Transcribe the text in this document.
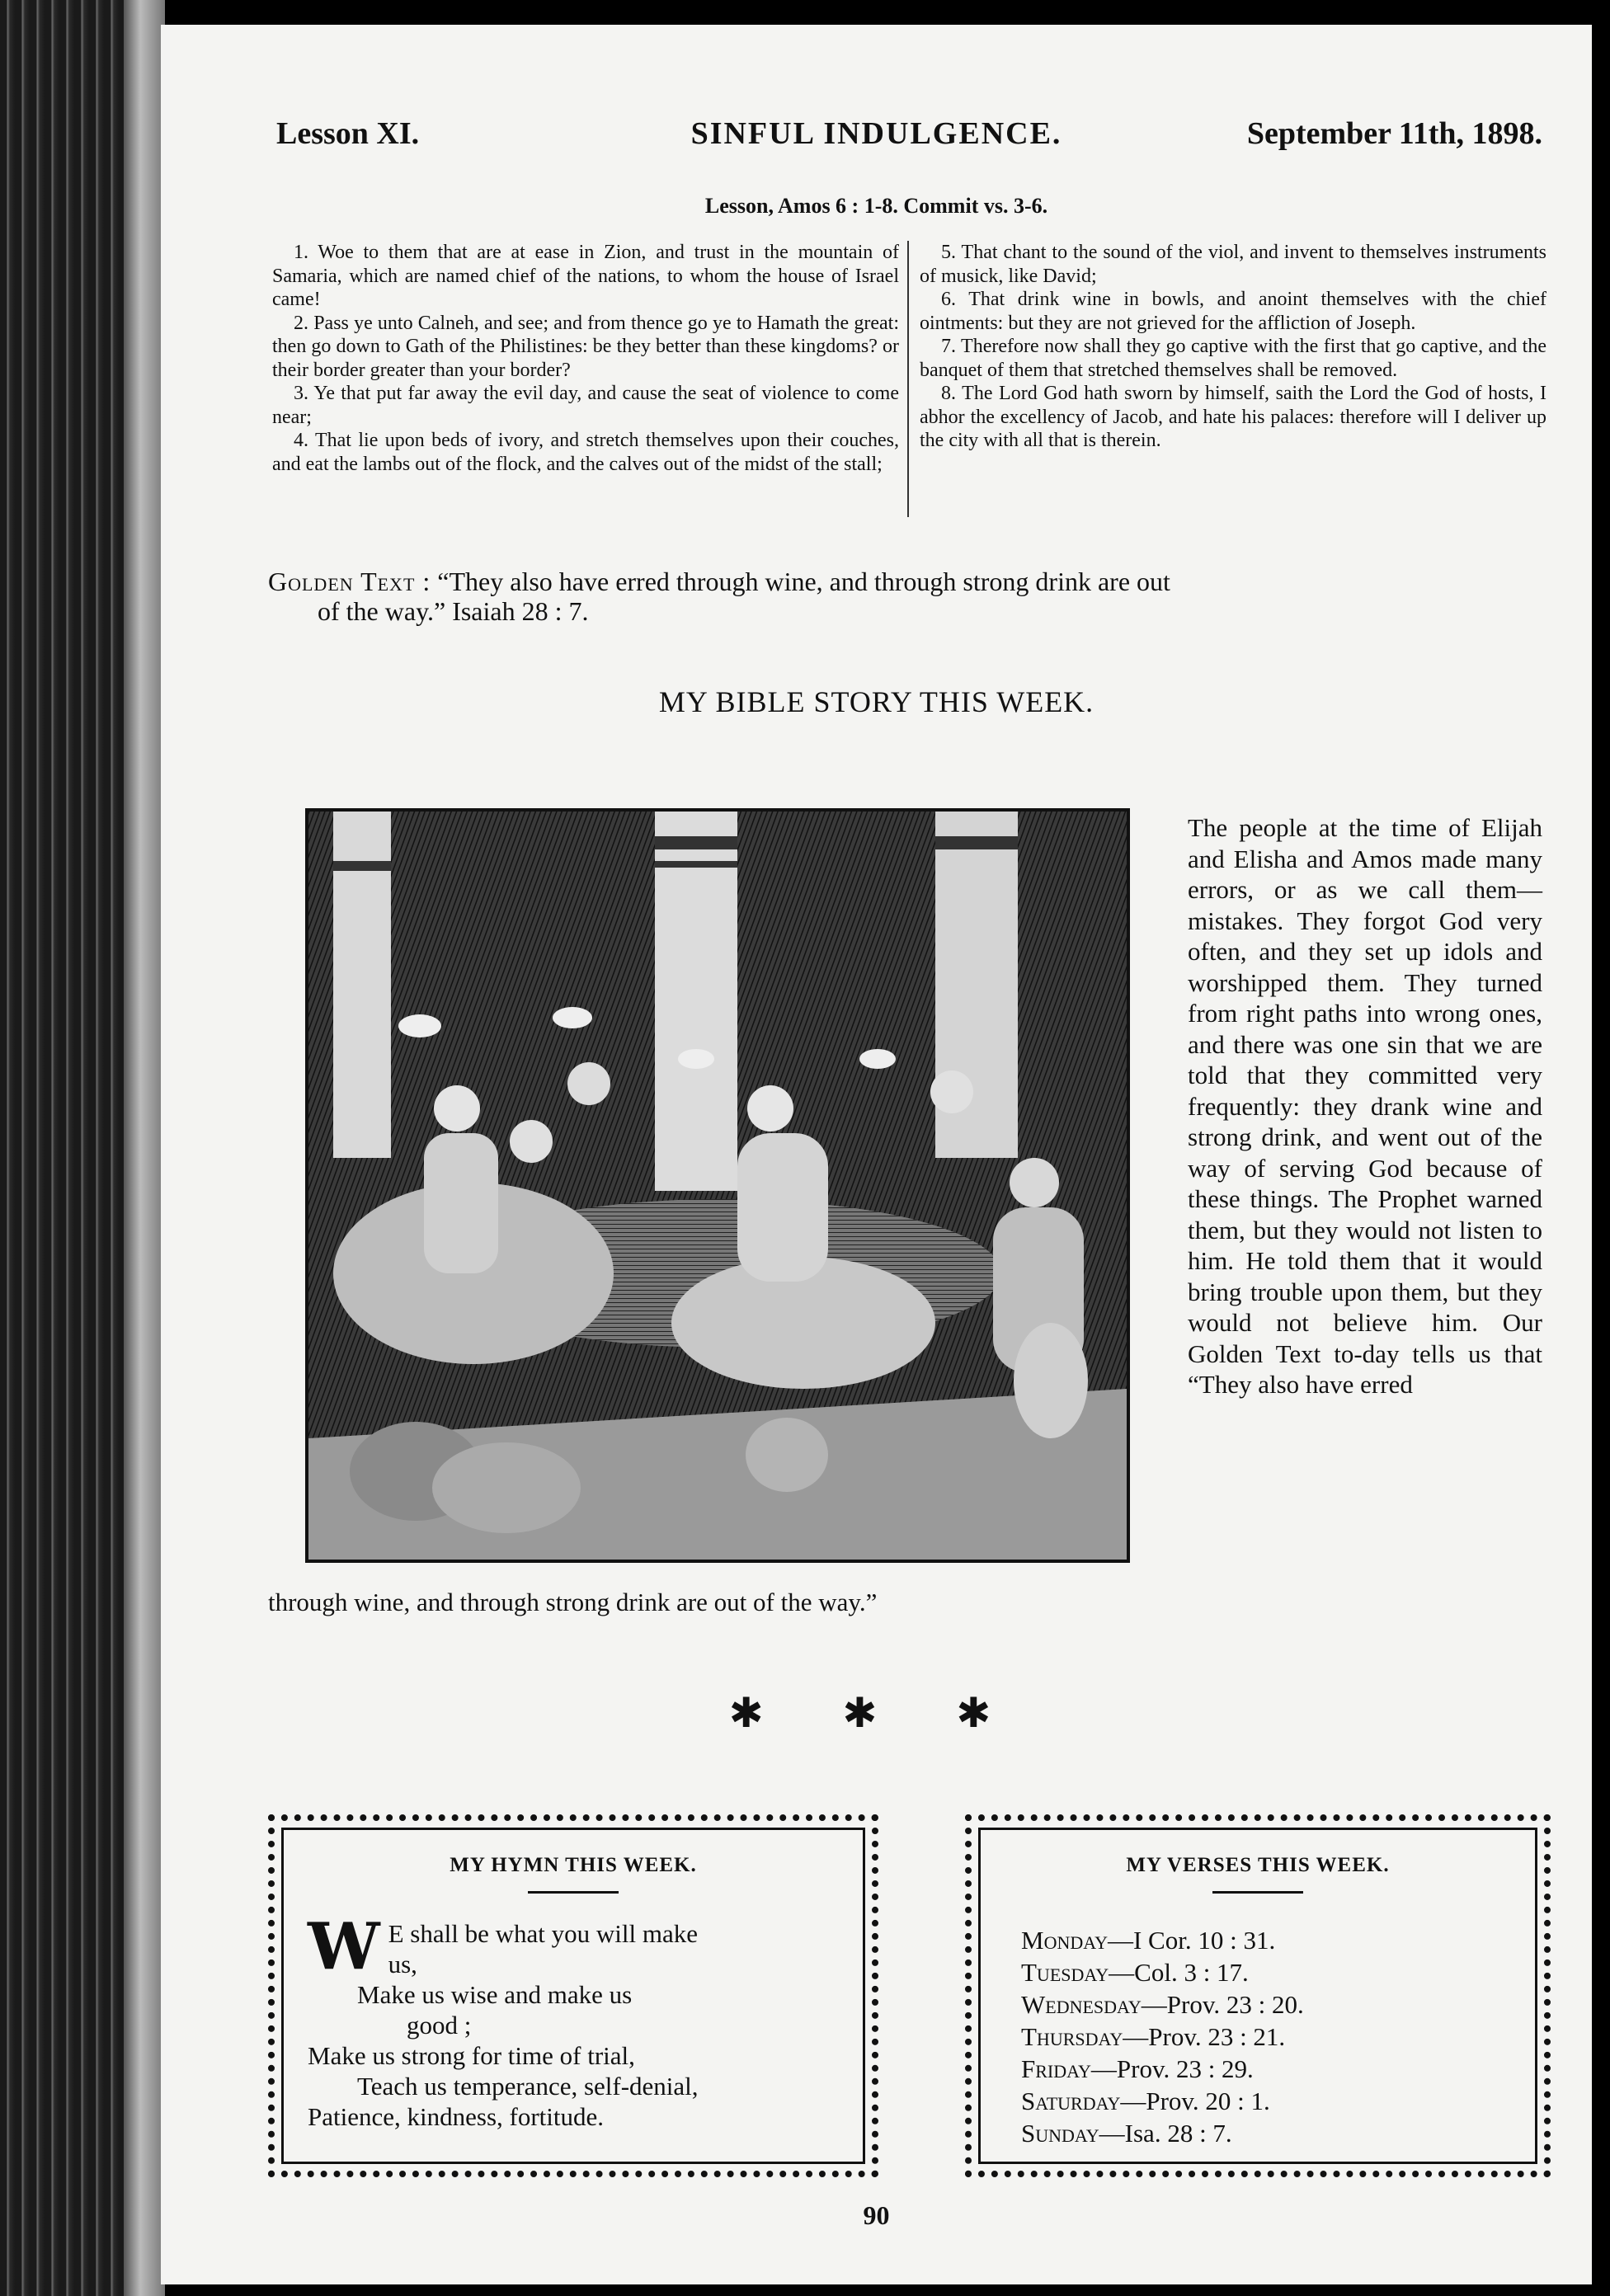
Lesson XI.	SINFUL INDULGENCE.	September 11th, 1898.
Lesson, Amos 6 : 1-8. Commit vs. 3-6.

1. Woe to them that are at ease in Zion, and trust in the mountain of Samaria, which are named chief of the nations, to whom the house of Israel came!

2. Pass ye unto Calneh, and see; and from thence go ye to Hamath the great: then go down to Gath of the Philistines: be they better than these kingdoms? or their border greater than your border?

3. Ye that put far away the evil day, and cause the seat of violence to come near;

4. That lie upon beds of ivory, and stretch themselves upon their couches, and eat the lambs out of the flock, and the calves out of the midst of the stall;

5. That chant to the sound of the viol, and invent to themselves instruments of musick, like David;

6. That drink wine in bowls, and anoint themselves with the chief ointments: but they are not grieved for the affliction of Joseph.

7. Therefore now shall they go captive with the first that go captive, and the banquet of them that stretched themselves shall be removed.

8. The Lord God hath sworn by himself, saith the Lord the God of hosts, I abhor the excellency of Jacob, and hate his palaces: therefore will I deliver up the city with all that is therein.

Golden Text : “They also have erred through wine, and through strong drink are out
of the way.” Isaiah 28 : 7.
MY BIBLE STORY THIS WEEK.
The people at the time of Elijah and Elisha and Amos made many errors, or as we call them—mistakes. They forgot God very often, and they set up idols and worshipped them. They turned from right paths into wrong ones, and there was one sin that we are told that they committed very frequently: they drank wine and strong drink, and went out of the way of serving God because of these things. The Prophet warned them, but they would not listen to him. He told them that it would bring trouble upon them, but they would not believe him. Our Golden Text to-day tells us that “They also have erred
through wine, and through strong drink are out of the way.”
✱ ✱ ✱
MY HYMN THIS WEEK.
W E shall be what you will make
us,
Make us wise and make us
good ;
Make us strong for time of trial,
Teach us temperance, self-denial,
Patience, kindness, fortitude.
MY VERSES THIS WEEK.
Monday—I Cor. 10 : 31.
Tuesday—Col. 3 : 17.
Wednesday—Prov. 23 : 20.
Thursday—Prov. 23 : 21.
Friday—Prov. 23 : 29.
Saturday—Prov. 20 : 1.
Sunday—Isa. 28 : 7.
90
